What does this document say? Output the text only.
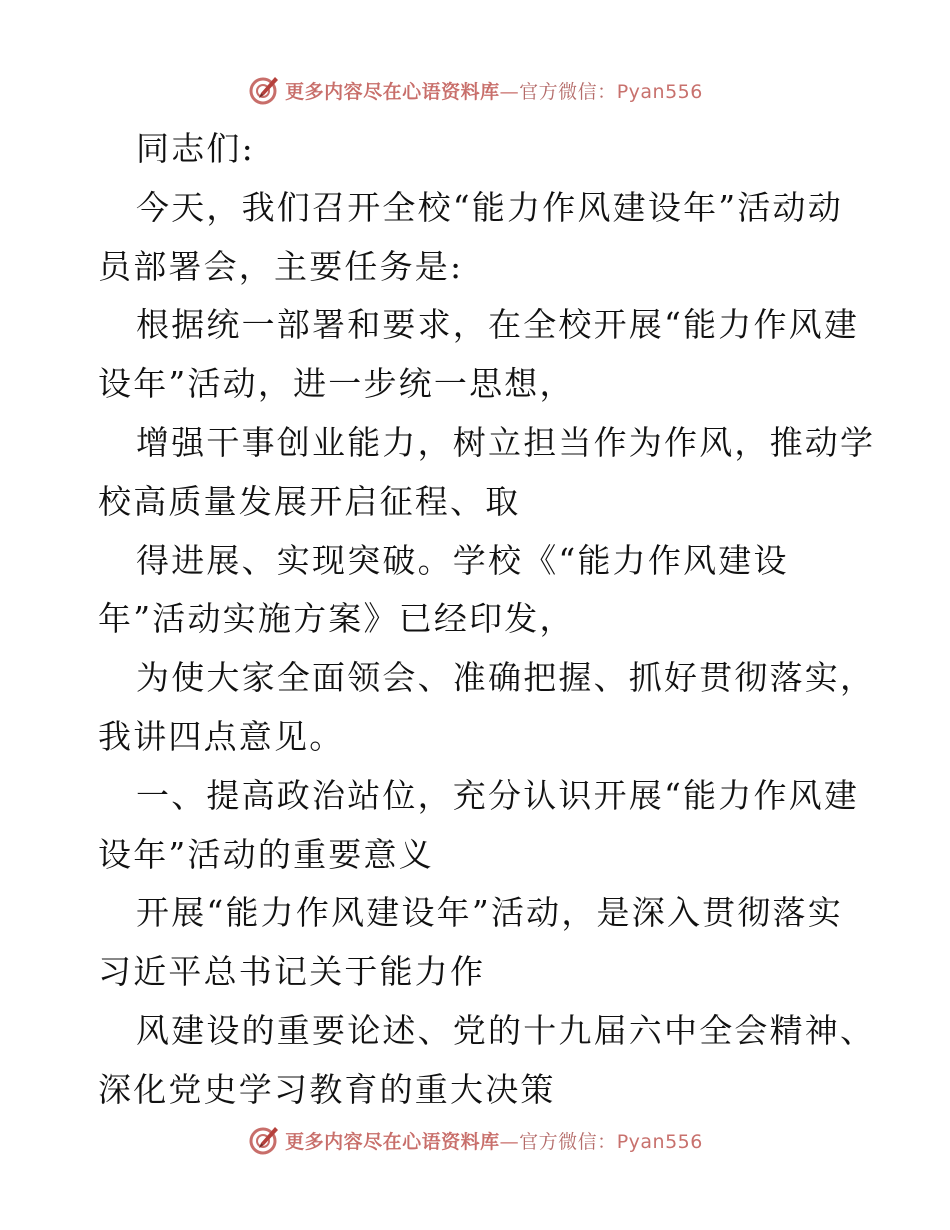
更多内容尽在心语资料库—官方微信：Pyan556
同志们:
今天，我们召开全校“能力作风建设年”活动动
员部署会，主要任务是:
根据统一部署和要求，在全校开展“能力作风建
设年”活动，进一步统一思想，
增强干事创业能力，树立担当作为作风，推动学
校高质量发展开启征程、取
得进展、实现突破。学校《“能力作风建设
年”活动实施方案》已经印发，
为使大家全面领会、准确把握、抓好贯彻落实，
我讲四点意见。
一、提高政治站位，充分认识开展“能力作风建
设年”活动的重要意义
开展“能力作风建设年”活动，是深入贯彻落实
习近平总书记关于能力作
风建设的重要论述、党的十九届六中全会精神、
深化党史学习教育的重大决策
更多内容尽在心语资料库—官方微信：Pyan556
